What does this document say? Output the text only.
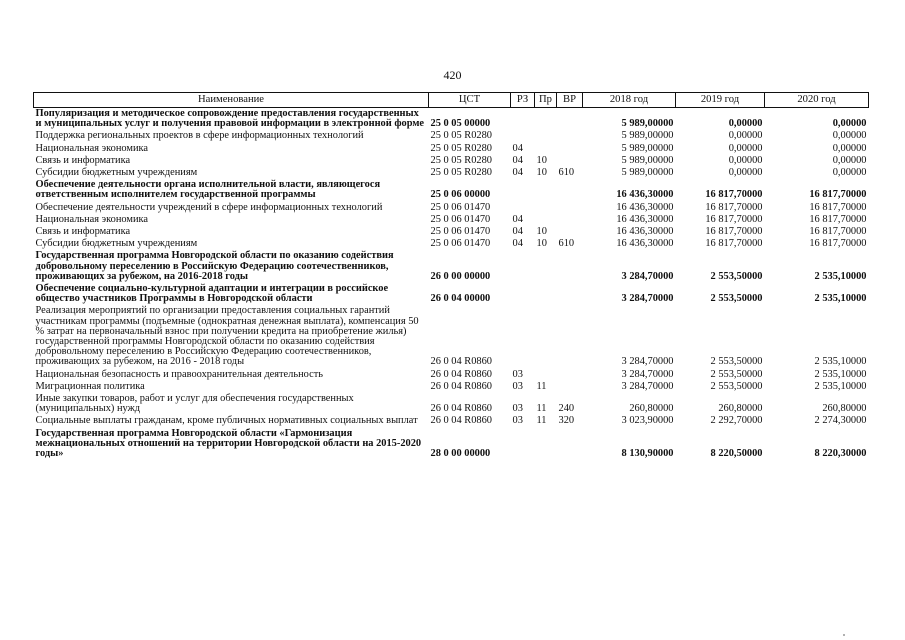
420
Наименование	ЦСТ	РЗ	Пр	ВР	2018 год	2019 год	2020 год
Популяризация и методическое сопровождение предоставления государственных и муниципальных услуг и получения правовой информации в электронной форме	25 0 05 00000				5 989,00000	0,00000	0,00000
Поддержка региональных проектов в сфере информационных технологий	25 0 05 R0280				5 989,00000	0,00000	0,00000
Национальная экономика	25 0 05 R0280	04			5 989,00000	0,00000	0,00000
Связь и информатика	25 0 05 R0280	04	10		5 989,00000	0,00000	0,00000
Субсидии бюджетным учреждениям	25 0 05 R0280	04	10	610	5 989,00000	0,00000	0,00000
Обеспечение деятельности органа исполнительной власти, являющегося ответственным исполнителем государственной программы	25 0 06 00000				16 436,30000	16 817,70000	16 817,70000
Обеспечение деятельности учреждений в сфере информационных технологий	25 0 06 01470				16 436,30000	16 817,70000	16 817,70000
Национальная экономика	25 0 06 01470	04			16 436,30000	16 817,70000	16 817,70000
Связь и информатика	25 0 06 01470	04	10		16 436,30000	16 817,70000	16 817,70000
Субсидии бюджетным учреждениям	25 0 06 01470	04	10	610	16 436,30000	16 817,70000	16 817,70000
Государственная программа Новгородской области по оказанию содействия добровольному переселению в Российскую Федерацию соотечественников, проживающих за рубежом, на 2016-2018 годы	26 0 00 00000				3 284,70000	2 553,50000	2 535,10000
Обеспечение социально-культурной адаптации и интеграции в российское общество участников Программы в Новгородской области	26 0 04 00000				3 284,70000	2 553,50000	2 535,10000
Реализация мероприятий по организации предоставления социальных гарантий участникам программы (подъемные (однократная денежная выплата), компенсация 50 % затрат на первоначальный взнос при получении кредита на приобретение жилья) государственной программы Новгородской области по оказанию содействия добровольному переселению в Российскую Федерацию соотечественников, проживающих за рубежом, на 2016 - 2018 годы	26 0 04 R0860				3 284,70000	2 553,50000	2 535,10000
Национальная безопасность и правоохранительная деятельность	26 0 04 R0860	03			3 284,70000	2 553,50000	2 535,10000
Миграционная политика	26 0 04 R0860	03	11		3 284,70000	2 553,50000	2 535,10000
Иные закупки товаров, работ и услуг для обеспечения государственных (муниципальных) нужд	26 0 04 R0860	03	11	240	260,80000	260,80000	260,80000
Социальные выплаты гражданам, кроме публичных нормативных социальных выплат	26 0 04 R0860	03	11	320	3 023,90000	2 292,70000	2 274,30000
Государственная программа Новгородской области «Гармонизация межнациональных отношений на территории Новгородской области на 2015-2020 годы»	28 0 00 00000				8 130,90000	8 220,50000	8 220,30000
